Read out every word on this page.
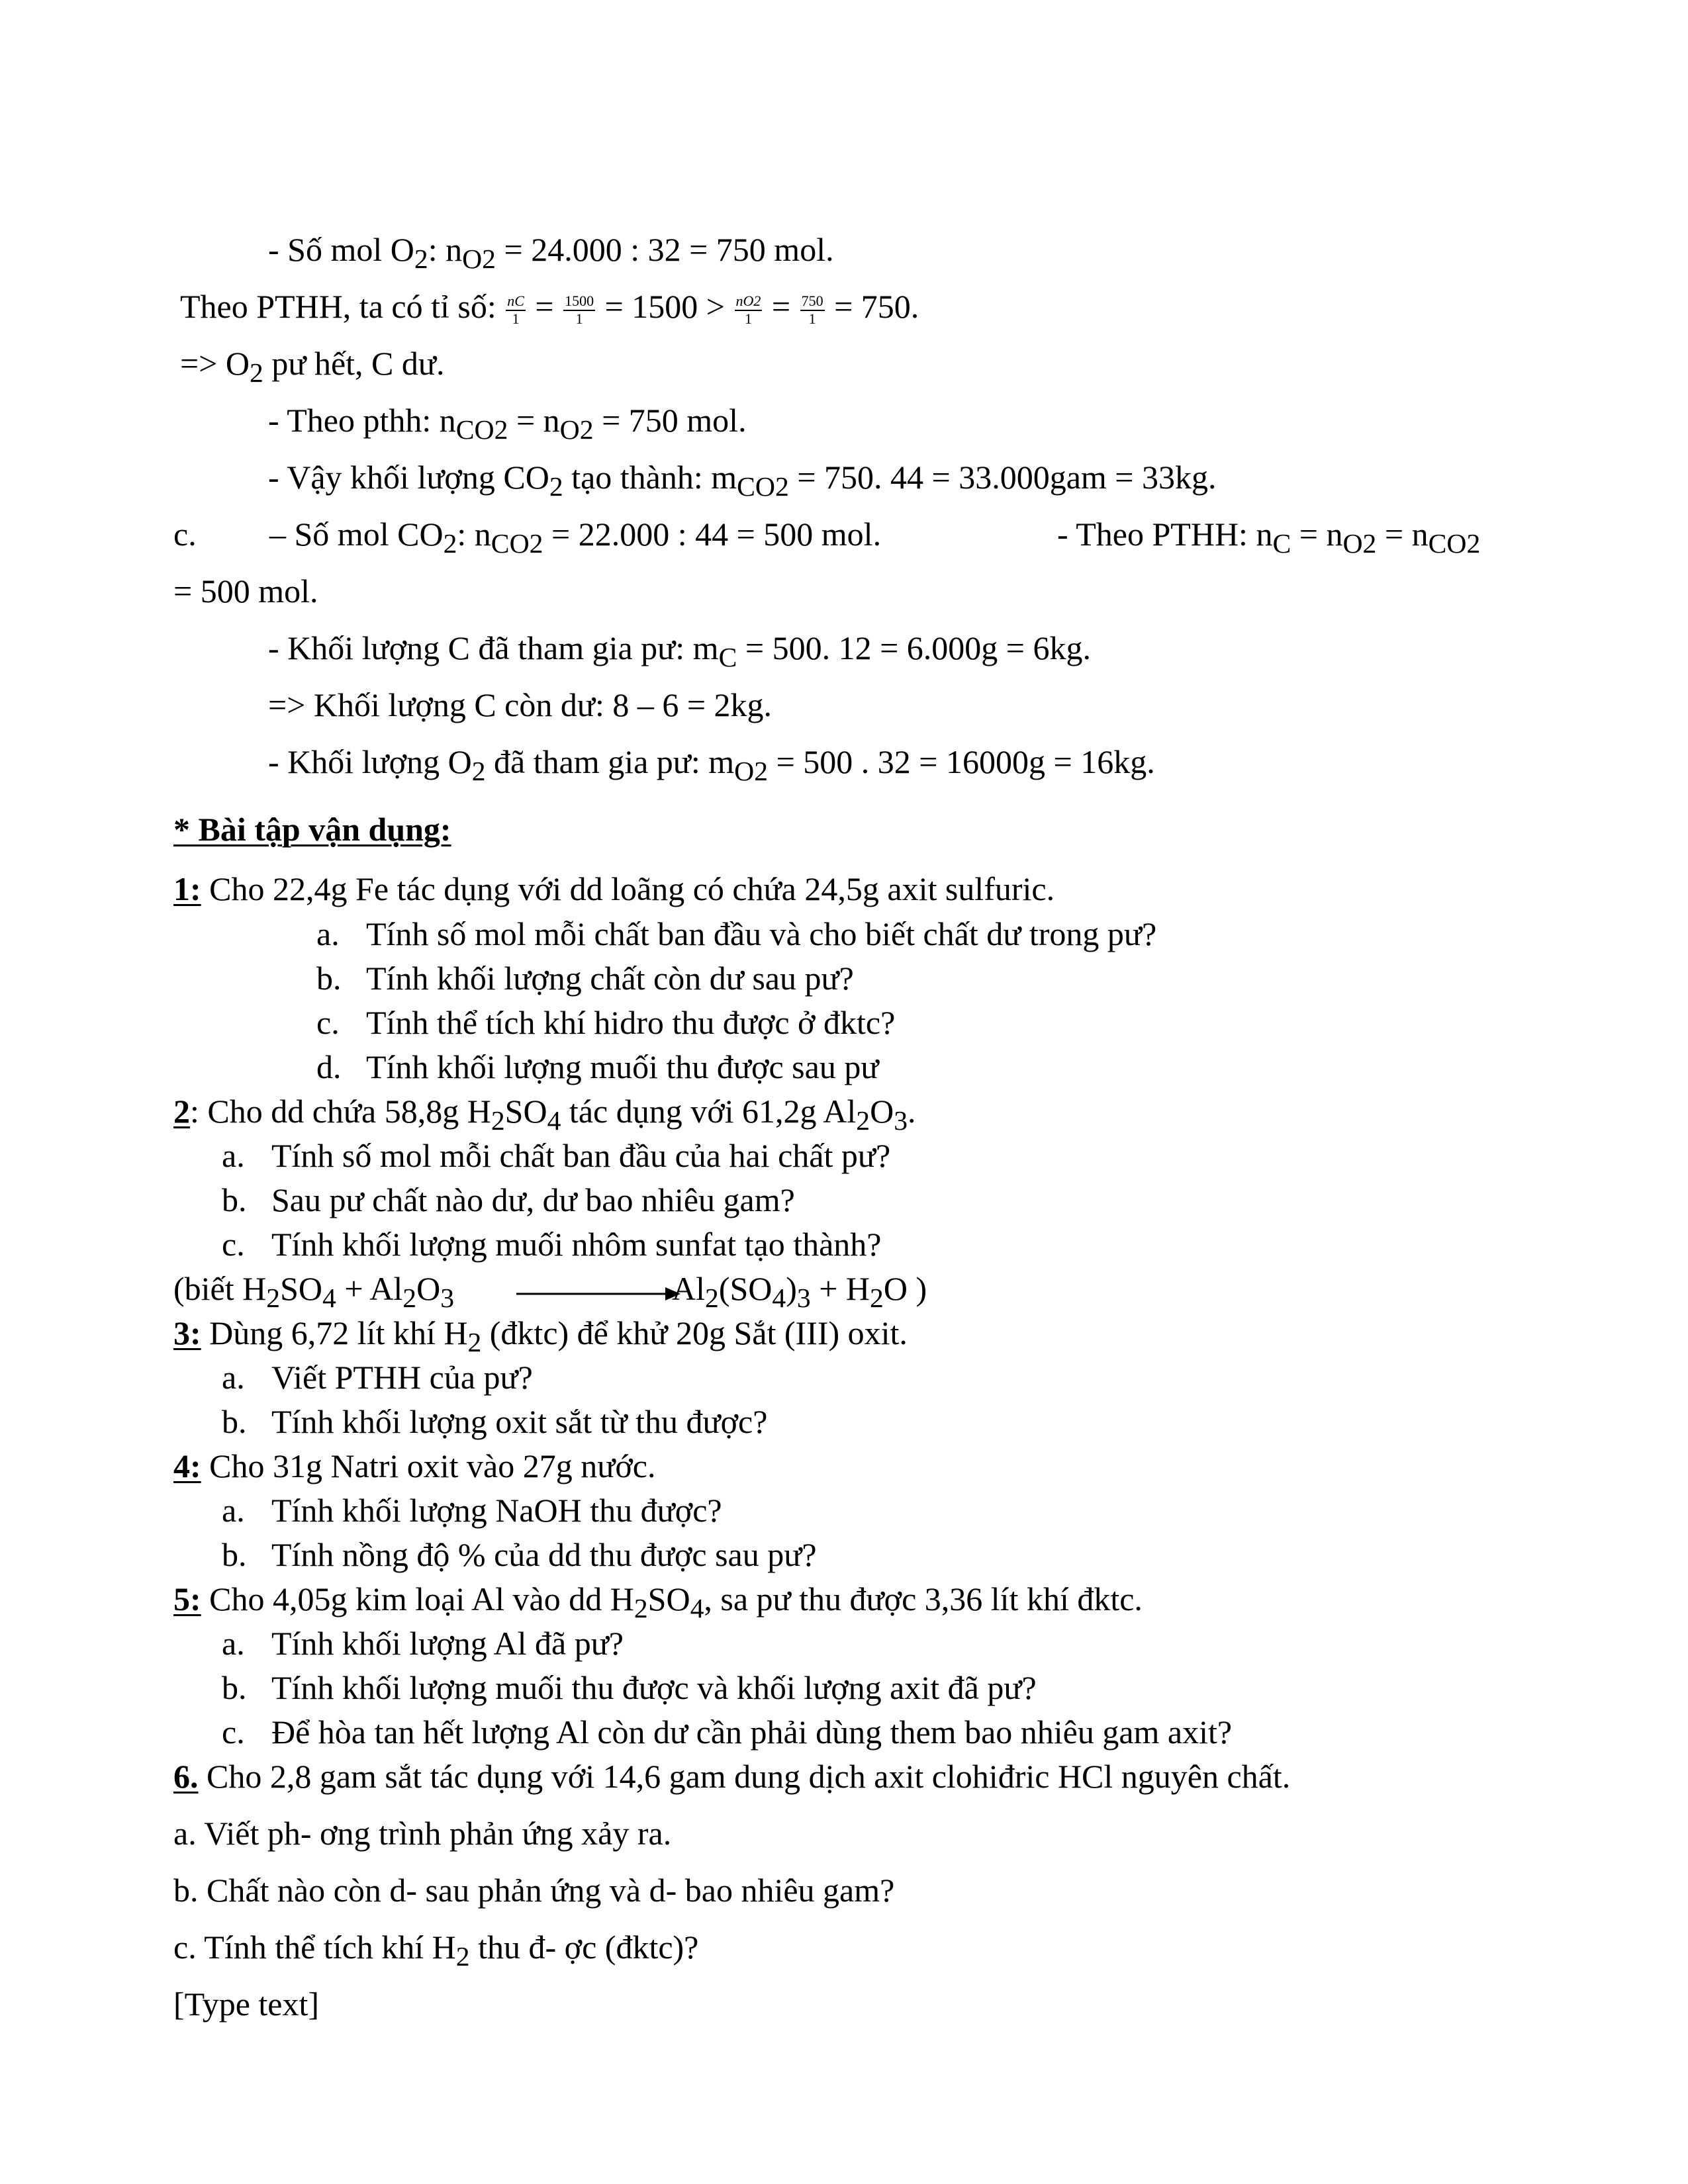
- Số mol $O_2$: $n_{O2} = 24.000$ : 32 = 750 mol.
Theo PTHH, ta có tỉ số: $\frac{nC}{1} = \frac{1500}{1} = 1500 > \frac{nO2}{1} = \frac{750}{1} = 750$.
=> $O_2$ pư hết, C dư.
- Theo pthh: $n_{CO2} = n_{O2} = 750$ mol.
- Vậy khối lượng $CO_2$ tạo thành: $m_{CO2} = 750$. 44 = 33.000gam = 33kg.
c. – Số mol $CO_2$: $n_{CO2} = 22.000$ : 44 = 500 mol.	- Theo PTHH: $n_C = n_{O2} = n_{CO2}$
= 500 mol.
- Khối lượng C đã tham gia pư: $m_C = 500$. 12 = 6.000g = 6kg.
=> Khối lượng C còn dư: 8 – 6 = 2kg.
- Khối lượng $O_2$ đã tham gia pư: $m_{O2} = 500$ . 32 = 16000g = 16kg.
* Bài tập vận dụng:
1: Cho 22,4g Fe tác dụng với dd loãng có chứa 24,5g axit sulfuric.
a. Tính số mol mỗi chất ban đầu và cho biết chất dư trong pư?
b. Tính khối lượng chất còn dư sau pư?
c. Tính thể tích khí hidro thu được ở đktc?
d. Tính khối lượng muối thu được sau pư
2: Cho dd chứa 58,8g $H_2SO_4$ tác dụng với 61,2g $Al_2O_3$.
a. Tính số mol mỗi chất ban đầu của hai chất pư?
b. Sau pư chất nào dư, dư bao nhiêu gam?
c. Tính khối lượng muối nhôm sunfat tạo thành?
(biết $H_2SO_4 + Al_2O_3$	$Al_2(SO_4)_3 + H_2O$ )
3: Dùng 6,72 lít khí $H_2$ (đktc) để khử 20g Sắt (III) oxit.
a. Viết PTHH của pư?
b. Tính khối lượng oxit sắt từ thu được?
4: Cho 31g Natri oxit vào 27g nước.
a. Tính khối lượng NaOH thu được?
b. Tính nồng độ % của dd thu được sau pư?
5: Cho 4,05g kim loại Al vào dd $H_2SO_4$, sa pư thu được 3,36 lít khí đktc.
a. Tính khối lượng Al đã pư?
b. Tính khối lượng muối thu được và khối lượng axit đã pư?
c. Để hòa tan hết lượng Al còn dư cần phải dùng them bao nhiêu gam axit?
6. Cho 2,8 gam sắt tác dụng với 14,6 gam dung dịch axit clohiđric HCl nguyên chất.
a. Viết ph- ơng trình phản ứng xảy ra.
b. Chất nào còn d- sau phản ứng và d- bao nhiêu gam?
c. Tính thể tích khí $H_2$ thu đ- ợc (đktc)?
[Type text]
